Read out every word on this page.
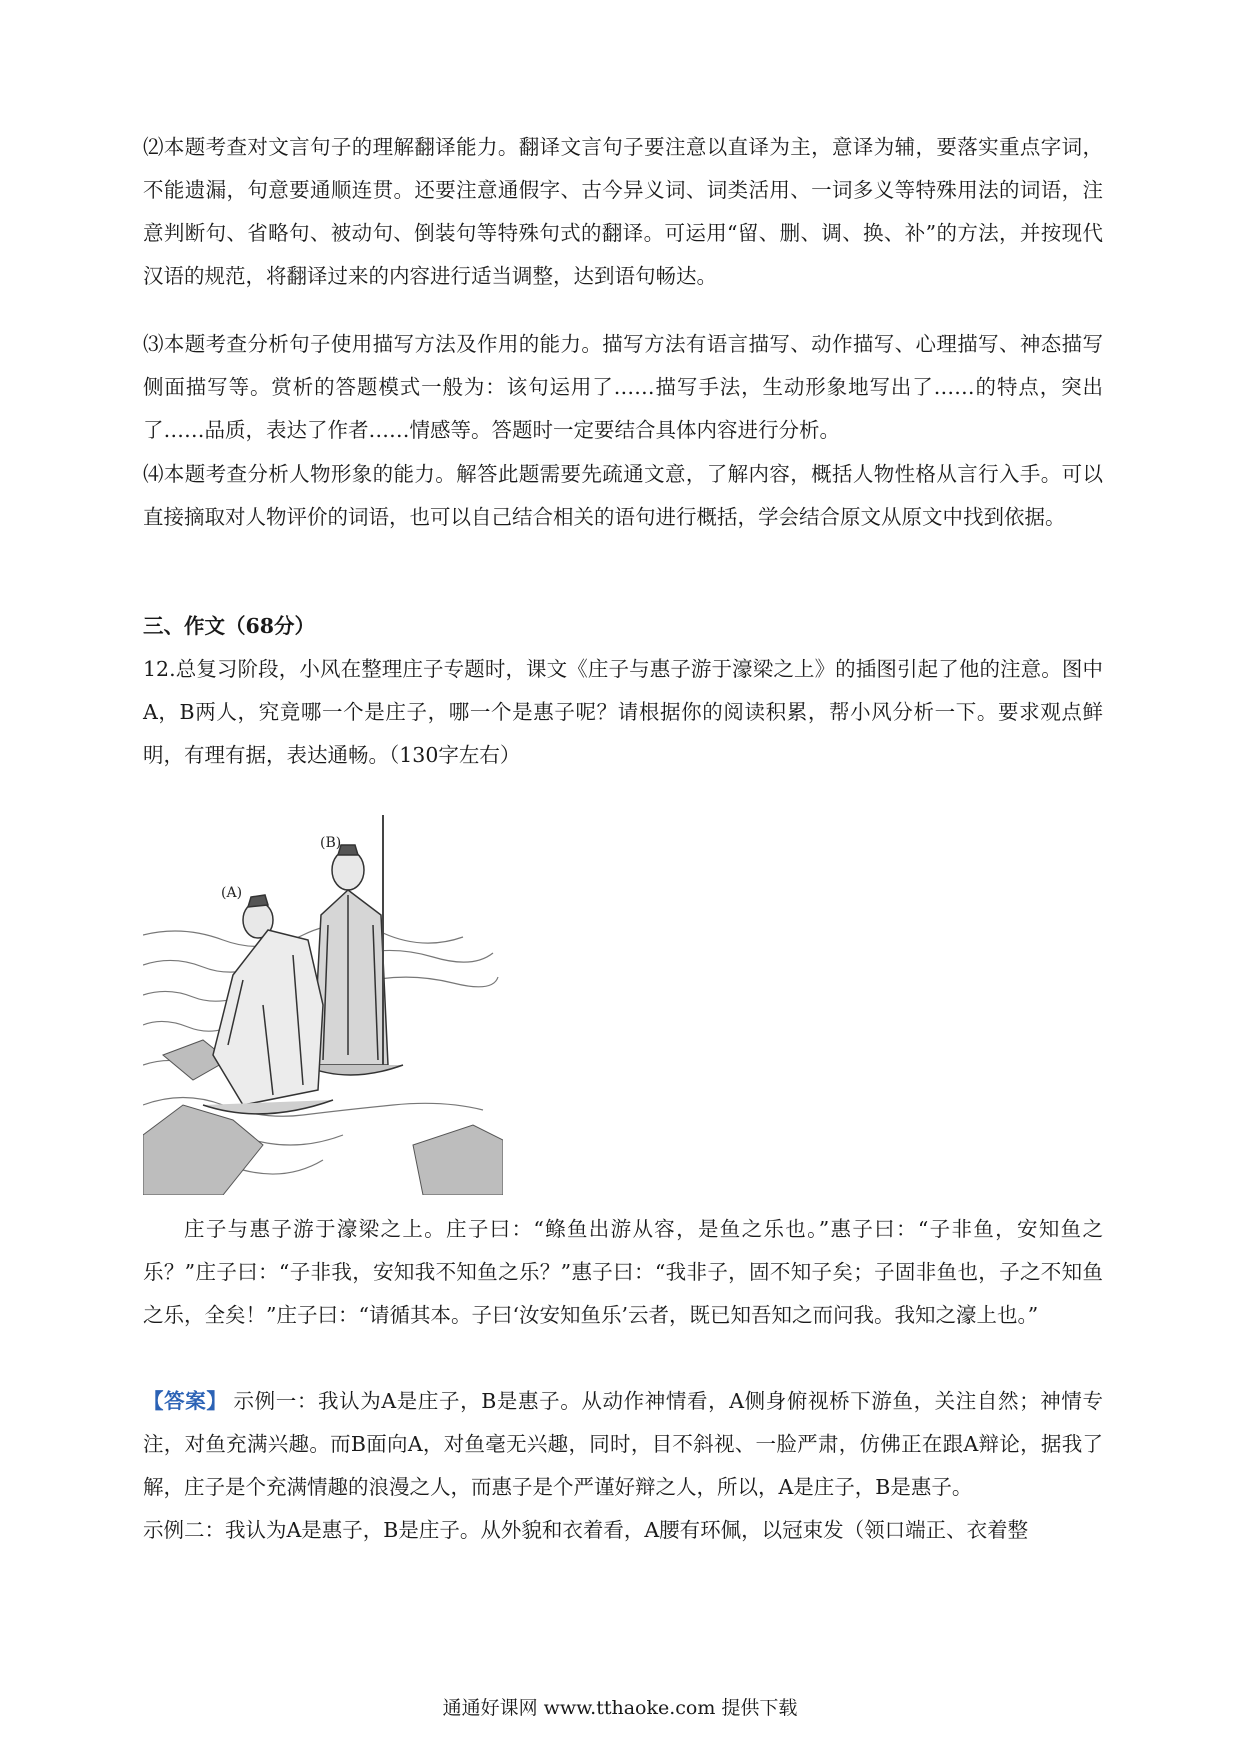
⑵本题考查对文言句子的理解翻译能力。翻译文言句子要注意以直译为主，意译为辅，要落实重点字词，不能遗漏，句意要通顺连贯。还要注意通假字、古今异义词、词类活用、一词多义等特殊用法的词语，注意判断句、省略句、被动句、倒装句等特殊句式的翻译。可运用“留、删、调、换、补”的方法，并按现代汉语的规范，将翻译过来的内容进行适当调整，达到语句畅达。

⑶本题考查分析句子使用描写方法及作用的能力。描写方法有语言描写、动作描写、心理描写、神态描写侧面描写等。赏析的答题模式一般为：该句运用了……描写手法，生动形象地写出了……的特点，突出了……品质，表达了作者……情感等。答题时一定要结合具体内容进行分析。

⑷本题考查分析人物形象的能力。解答此题需要先疏通文意，了解内容，概括人物性格从言行入手。可以直接摘取对人物评价的词语，也可以自己结合相关的语句进行概括，学会结合原文从原文中找到依据。

三、作文（68分）

12.总复习阶段，小风在整理庄子专题时，课文《庄子与惠子游于濠梁之上》的插图引起了他的注意。图中A，B两人，究竟哪一个是庄子，哪一个是惠子呢？请根据你的阅读积累，帮小风分析一下。要求观点鲜明，有理有据，表达通畅。（130字左右）

(A)
(B)

庄子与惠子游于濠梁之上。庄子曰：“鲦鱼出游从容，是鱼之乐也。”惠子曰：“子非鱼，安知鱼之乐？”庄子曰：“子非我，安知我不知鱼之乐？”惠子曰：“我非子，固不知子矣；子固非鱼也，子之不知鱼之乐，全矣！”庄子曰：“请循其本。子曰‘汝安知鱼乐’云者，既已知吾知之而问我。我知之濠上也。”

【答案】 示例一：我认为A是庄子，B是惠子。从动作神情看，A侧身俯视桥下游鱼，关注自然；神情专注，对鱼充满兴趣。而B面向A，对鱼毫无兴趣，同时，目不斜视、一脸严肃，仿佛正在跟A辩论，据我了解，庄子是个充满情趣的浪漫之人，而惠子是个严谨好辩之人，所以，A是庄子，B是惠子。

示例二：我认为A是惠子，B是庄子。从外貌和衣着看，A腰有环佩，以冠束发（领口端正、衣着整

通通好课网 www.tthaoke.com 提供下载
